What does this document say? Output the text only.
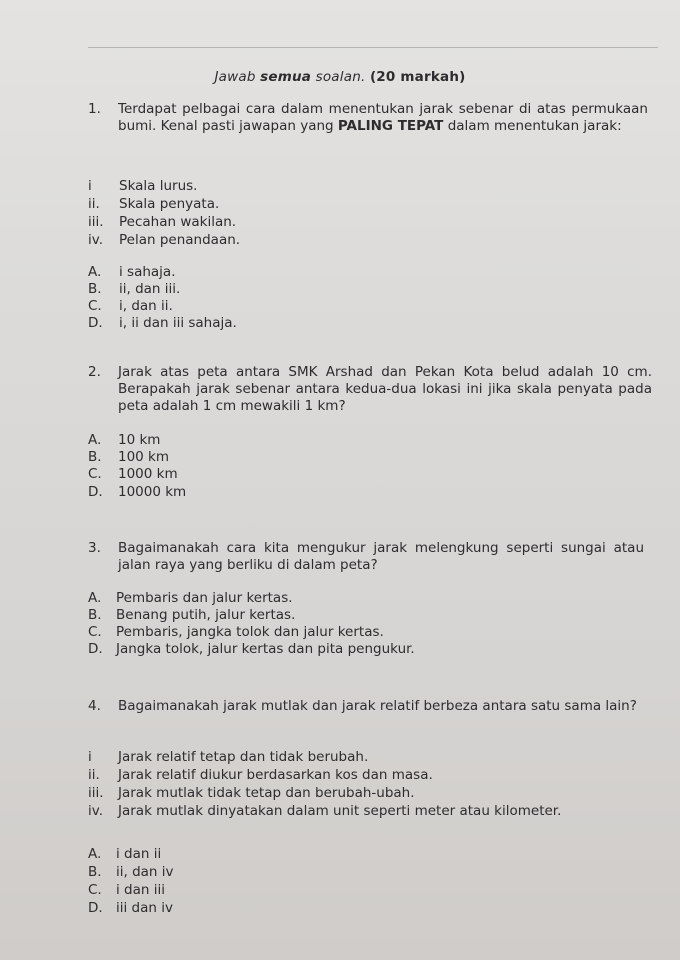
Jawab semua soalan. (20 markah)
1. Terdapat pelbagai cara dalam menentukan jarak sebenar di atas permukaan bumi. Kenal pasti jawapan yang PALING TEPAT dalam menentukan jarak:
i Skala lurus.
ii. Skala penyata.
iii. Pecahan wakilan.
iv. Pelan penandaan.
A. i sahaja.
B. ii, dan iii.
C. i, dan ii.
D. i, ii dan iii sahaja.
2. Jarak atas peta antara SMK Arshad dan Pekan Kota belud adalah 10 cm. Berapakah jarak sebenar antara kedua-dua lokasi ini jika skala penyata pada peta adalah 1 cm mewakili 1 km?
A. 10 km
B. 100 km
C. 1000 km
D. 10000 km
3. Bagaimanakah cara kita mengukur jarak melengkung seperti sungai atau jalan raya yang berliku di dalam peta?
A. Pembaris dan jalur kertas.
B. Benang putih, jalur kertas.
C. Pembaris, jangka tolok dan jalur kertas.
D. Jangka tolok, jalur kertas dan pita pengukur.
4. Bagaimanakah jarak mutlak dan jarak relatif berbeza antara satu sama lain?
i Jarak relatif tetap dan tidak berubah.
ii. Jarak relatif diukur berdasarkan kos dan masa.
iii. Jarak mutlak tidak tetap dan berubah-ubah.
iv. Jarak mutlak dinyatakan dalam unit seperti meter atau kilometer.
A. i dan ii
B. ii, dan iv
C. i dan iii
D. iii dan iv
